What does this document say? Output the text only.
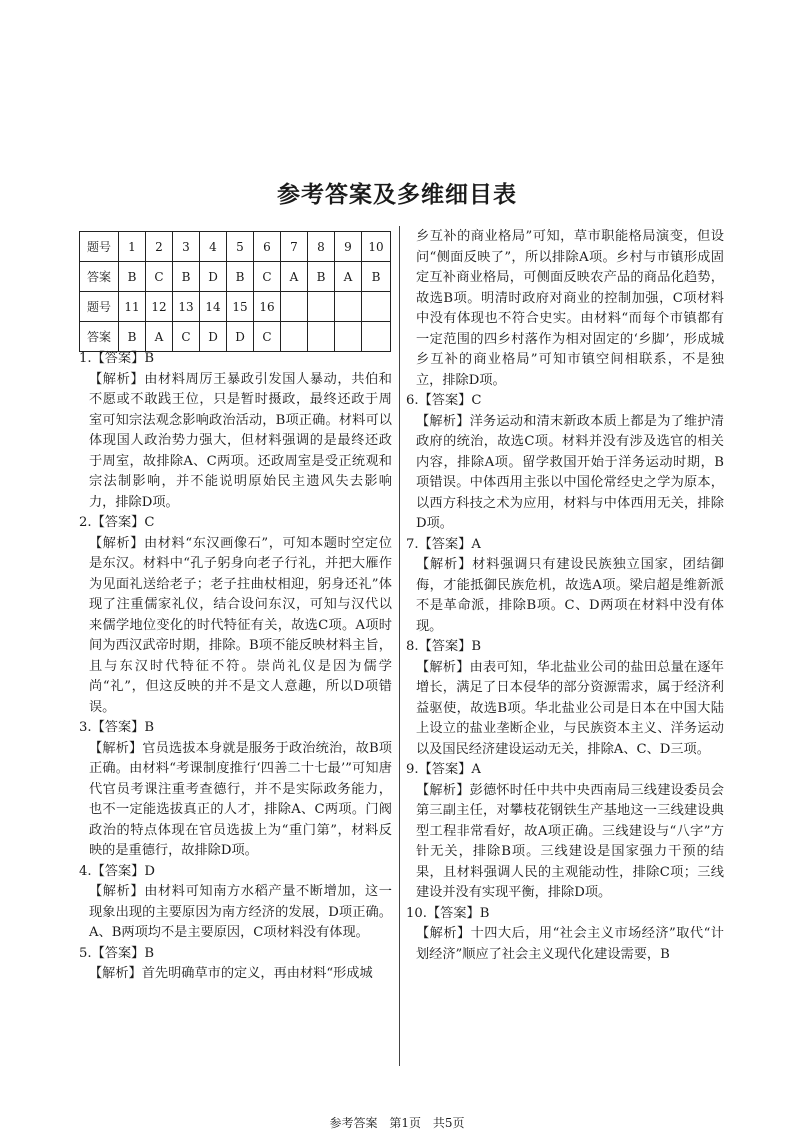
参考答案及多维细目表
题号	1	2	3	4	5	6	7	8	9	10
答案	B	C	B	D	B	C	A	B	A	B
题号	11	12	13	14	15	16				
答案	B	A	C	D	D	C				
1.【答案】B
【解析】由材料周厉王暴政引发国人暴动，共伯和不愿或不敢践王位，只是暂时摄政，最终还政于周室可知宗法观念影响政治活动，B项正确。材料可以体现国人政治势力强大，但材料强调的是最终还政于周室，故排除A、C两项。还政周室是受正统观和宗法制影响，并不能说明原始民主遗风失去影响力，排除D项。
2.【答案】C
【解析】由材料“东汉画像石”，可知本题时空定位是东汉。材料中“孔子躬身向老子行礼，并把大雁作为见面礼送给老子；老子拄曲杖相迎，躬身还礼”体现了注重儒家礼仪，结合设问东汉，可知与汉代以来儒学地位变化的时代特征有关，故选C项。A项时间为西汉武帝时期，排除。B项不能反映材料主旨，且与东汉时代特征不符。崇尚礼仪是因为儒学尚“礼”，但这反映的并不是文人意趣，所以D项错误。
3.【答案】B
【解析】官员选拔本身就是服务于政治统治，故B项正确。由材料“考课制度推行‘四善二十七最’”可知唐代官员考课注重考查德行，并不是实际政务能力，也不一定能选拔真正的人才，排除A、C两项。门阀政治的特点体现在官员选拔上为“重门第”，材料反映的是重德行，故排除D项。
4.【答案】D
【解析】由材料可知南方水稻产量不断增加，这一现象出现的主要原因为南方经济的发展，D项正确。A、B两项均不是主要原因，C项材料没有体现。
5.【答案】B
【解析】首先明确草市的定义，再由材料“形成城
乡互补的商业格局”可知，草市职能格局演变，但设问“侧面反映了”，所以排除A项。乡村与市镇形成固定互补商业格局，可侧面反映农产品的商品化趋势，故选B项。明清时政府对商业的控制加强，C项材料中没有体现也不符合史实。由材料“而每个市镇都有一定范围的四乡村落作为相对固定的‘乡脚’，形成城乡互补的商业格局”可知市镇空间相联系，不是独立，排除D项。
6.【答案】C
【解析】洋务运动和清末新政本质上都是为了维护清政府的统治，故选C项。材料并没有涉及选官的相关内容，排除A项。留学救国开始于洋务运动时期，B项错误。中体西用主张以中国伦常经史之学为原本，以西方科技之术为应用，材料与中体西用无关，排除D项。
7.【答案】A
【解析】材料强调只有建设民族独立国家，团结御侮，才能抵御民族危机，故选A项。梁启超是维新派不是革命派，排除B项。C、D两项在材料中没有体现。
8.【答案】B
【解析】由表可知，华北盐业公司的盐田总量在逐年增长，满足了日本侵华的部分资源需求，属于经济利益驱使，故选B项。华北盐业公司是日本在中国大陆上设立的盐业垄断企业，与民族资本主义、洋务运动以及国民经济建设运动无关，排除A、C、D三项。
9.【答案】A
【解析】彭德怀时任中共中央西南局三线建设委员会第三副主任，对攀枝花钢铁生产基地这一三线建设典型工程非常看好，故A项正确。三线建设与“八字”方针无关，排除B项。三线建设是国家强力干预的结果，且材料强调人民的主观能动性，排除C项；三线建设并没有实现平衡，排除D项。
10.【答案】B
【解析】十四大后，用“社会主义市场经济”取代“计划经济”顺应了社会主义现代化建设需要，B
参考答案 第1页 共5页
